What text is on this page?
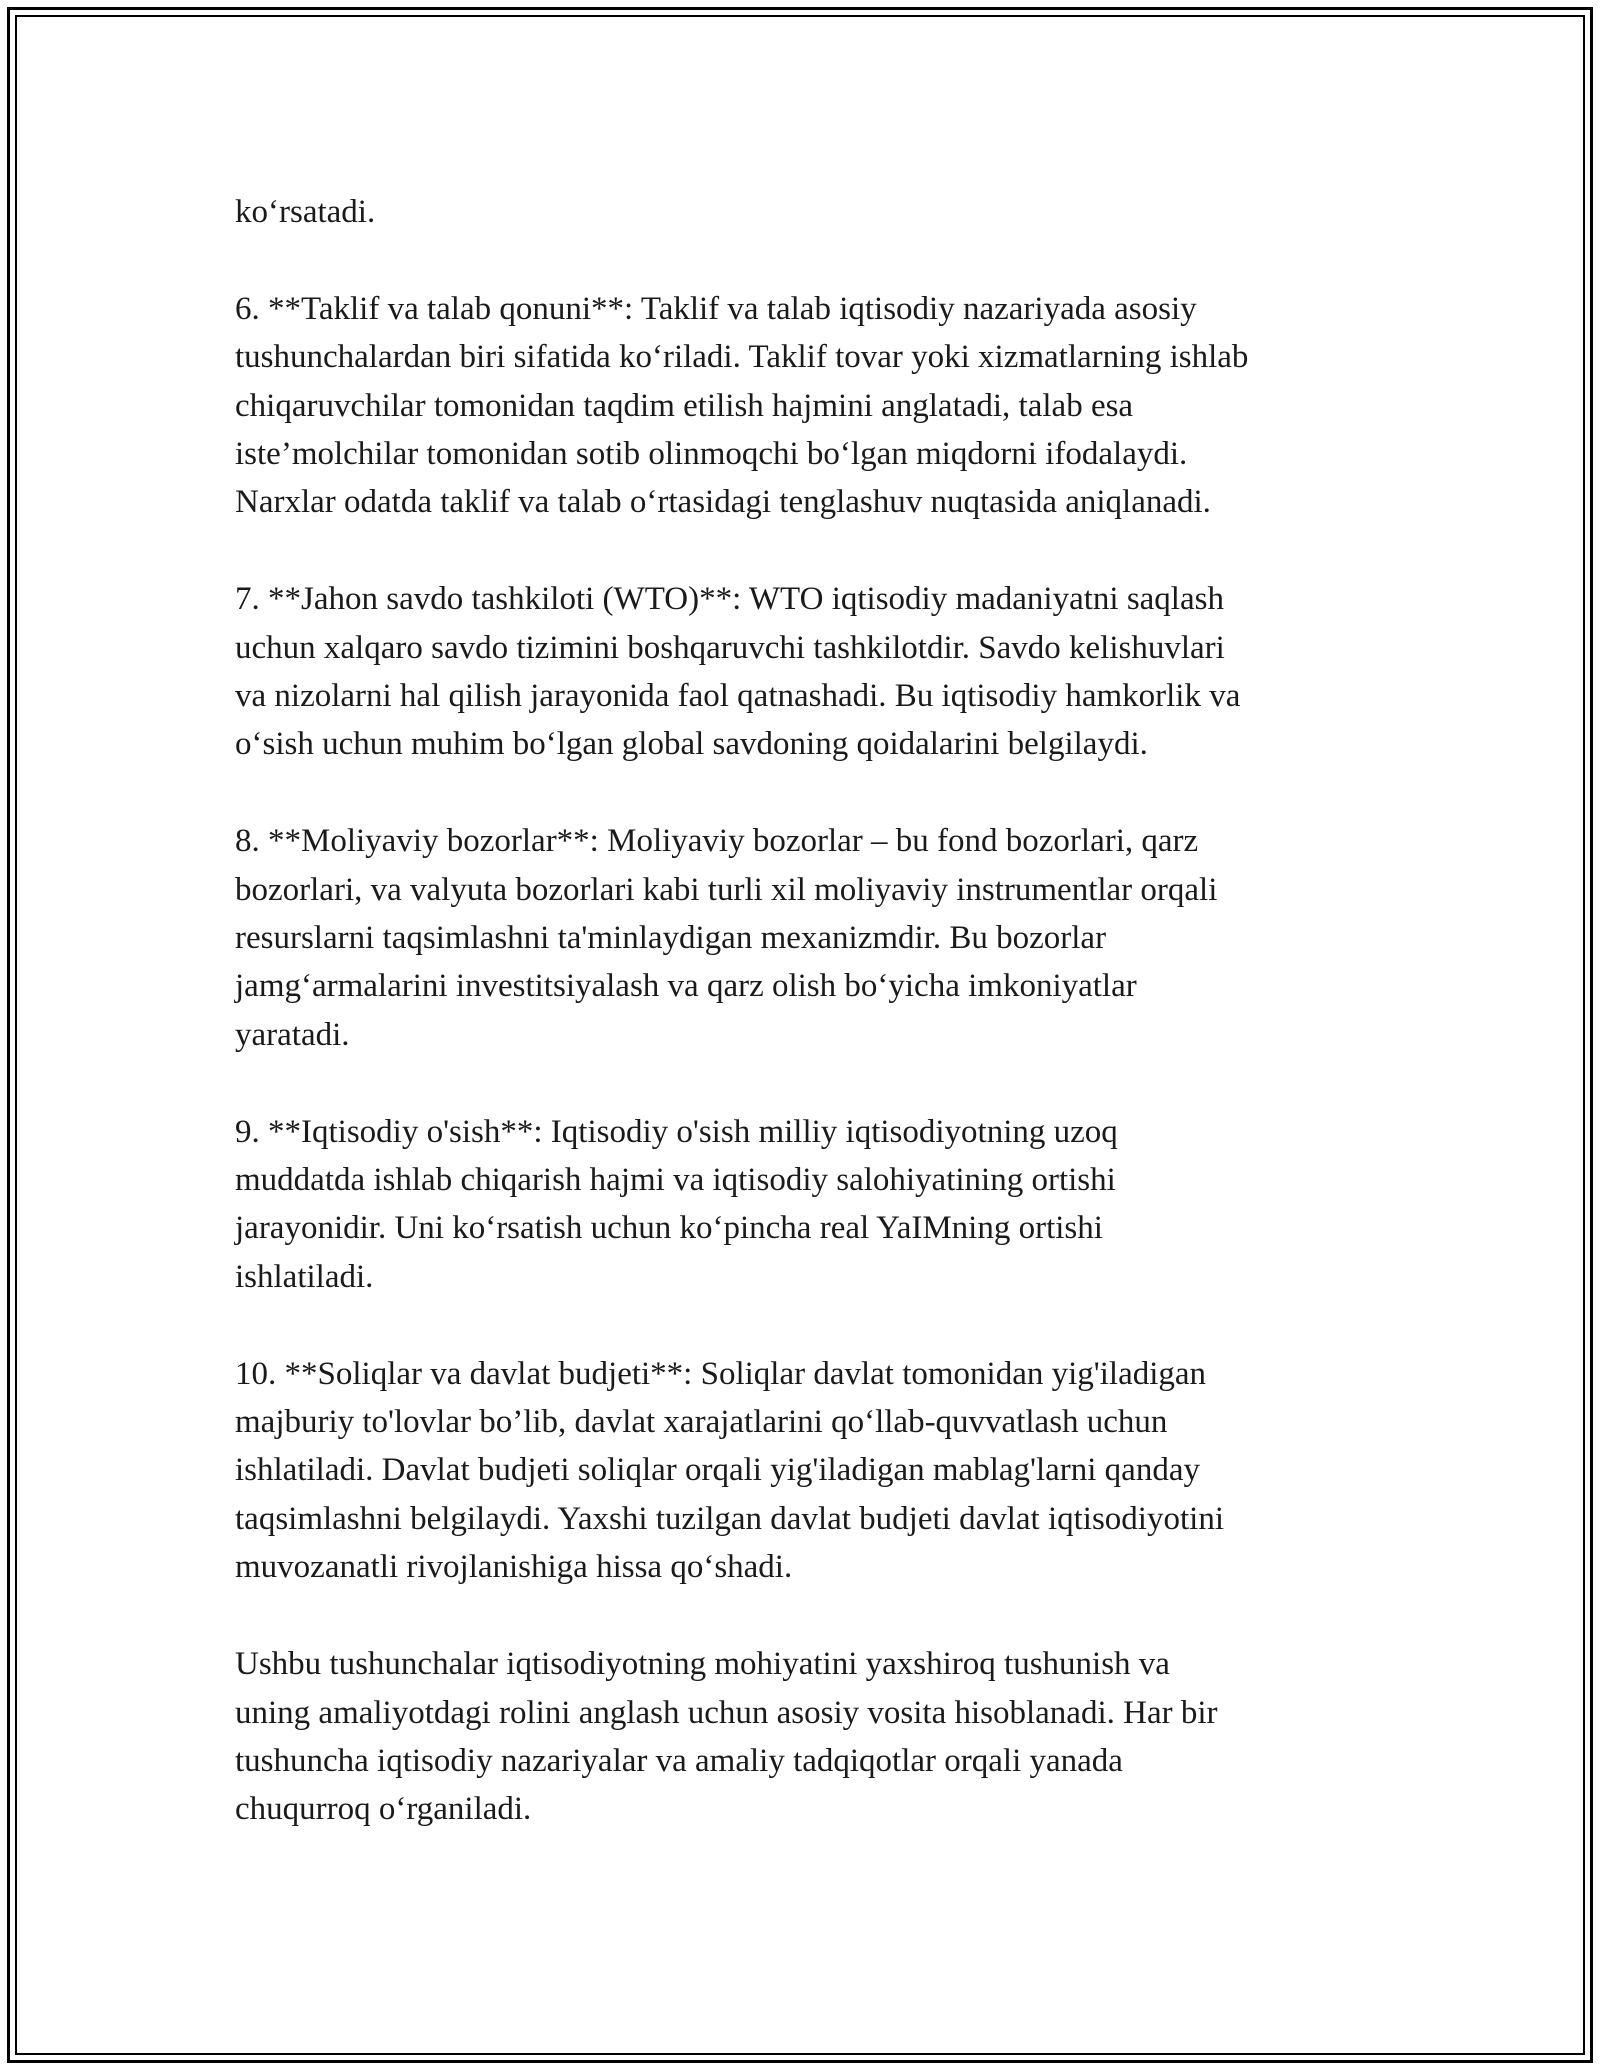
ko‘rsatadi.

6. **Taklif va talab qonuni**: Taklif va talab iqtisodiy nazariyada asosiy
tushunchalardan biri sifatida ko‘riladi. Taklif tovar yoki xizmatlarning ishlab
chiqaruvchilar tomonidan taqdim etilish hajmini anglatadi, talab esa
iste’molchilar tomonidan sotib olinmoqchi bo‘lgan miqdorni ifodalaydi.
Narxlar odatda taklif va talab o‘rtasidagi tenglashuv nuqtasida aniqlanadi.

7. **Jahon savdo tashkiloti (WTO)**: WTO iqtisodiy madaniyatni saqlash
uchun xalqaro savdo tizimini boshqaruvchi tashkilotdir. Savdo kelishuvlari
va nizolarni hal qilish jarayonida faol qatnashadi. Bu iqtisodiy hamkorlik va
o‘sish uchun muhim bo‘lgan global savdoning qoidalarini belgilaydi.

8. **Moliyaviy bozorlar**: Moliyaviy bozorlar – bu fond bozorlari, qarz
bozorlari, va valyuta bozorlari kabi turli xil moliyaviy instrumentlar orqali
resurslarni taqsimlashni ta'minlaydigan mexanizmdir. Bu bozorlar
jamg‘armalarini investitsiyalash va qarz olish bo‘yicha imkoniyatlar
yaratadi.

9. **Iqtisodiy o'sish**: Iqtisodiy o'sish milliy iqtisodiyotning uzoq
muddatda ishlab chiqarish hajmi va iqtisodiy salohiyatining ortishi
jarayonidir. Uni ko‘rsatish uchun ko‘pincha real YaIMning ortishi
ishlatiladi.

10. **Soliqlar va davlat budjeti**: Soliqlar davlat tomonidan yig'iladigan
majburiy to'lovlar bo’lib, davlat xarajatlarini qo‘llab-quvvatlash uchun
ishlatiladi. Davlat budjeti soliqlar orqali yig'iladigan mablag'larni qanday
taqsimlashni belgilaydi. Yaxshi tuzilgan davlat budjeti davlat iqtisodiyotini
muvozanatli rivojlanishiga hissa qo‘shadi.

Ushbu tushunchalar iqtisodiyotning mohiyatini yaxshiroq tushunish va
uning amaliyotdagi rolini anglash uchun asosiy vosita hisoblanadi. Har bir
tushuncha iqtisodiy nazariyalar va amaliy tadqiqotlar orqali yanada
chuqurroq o‘rganiladi.
